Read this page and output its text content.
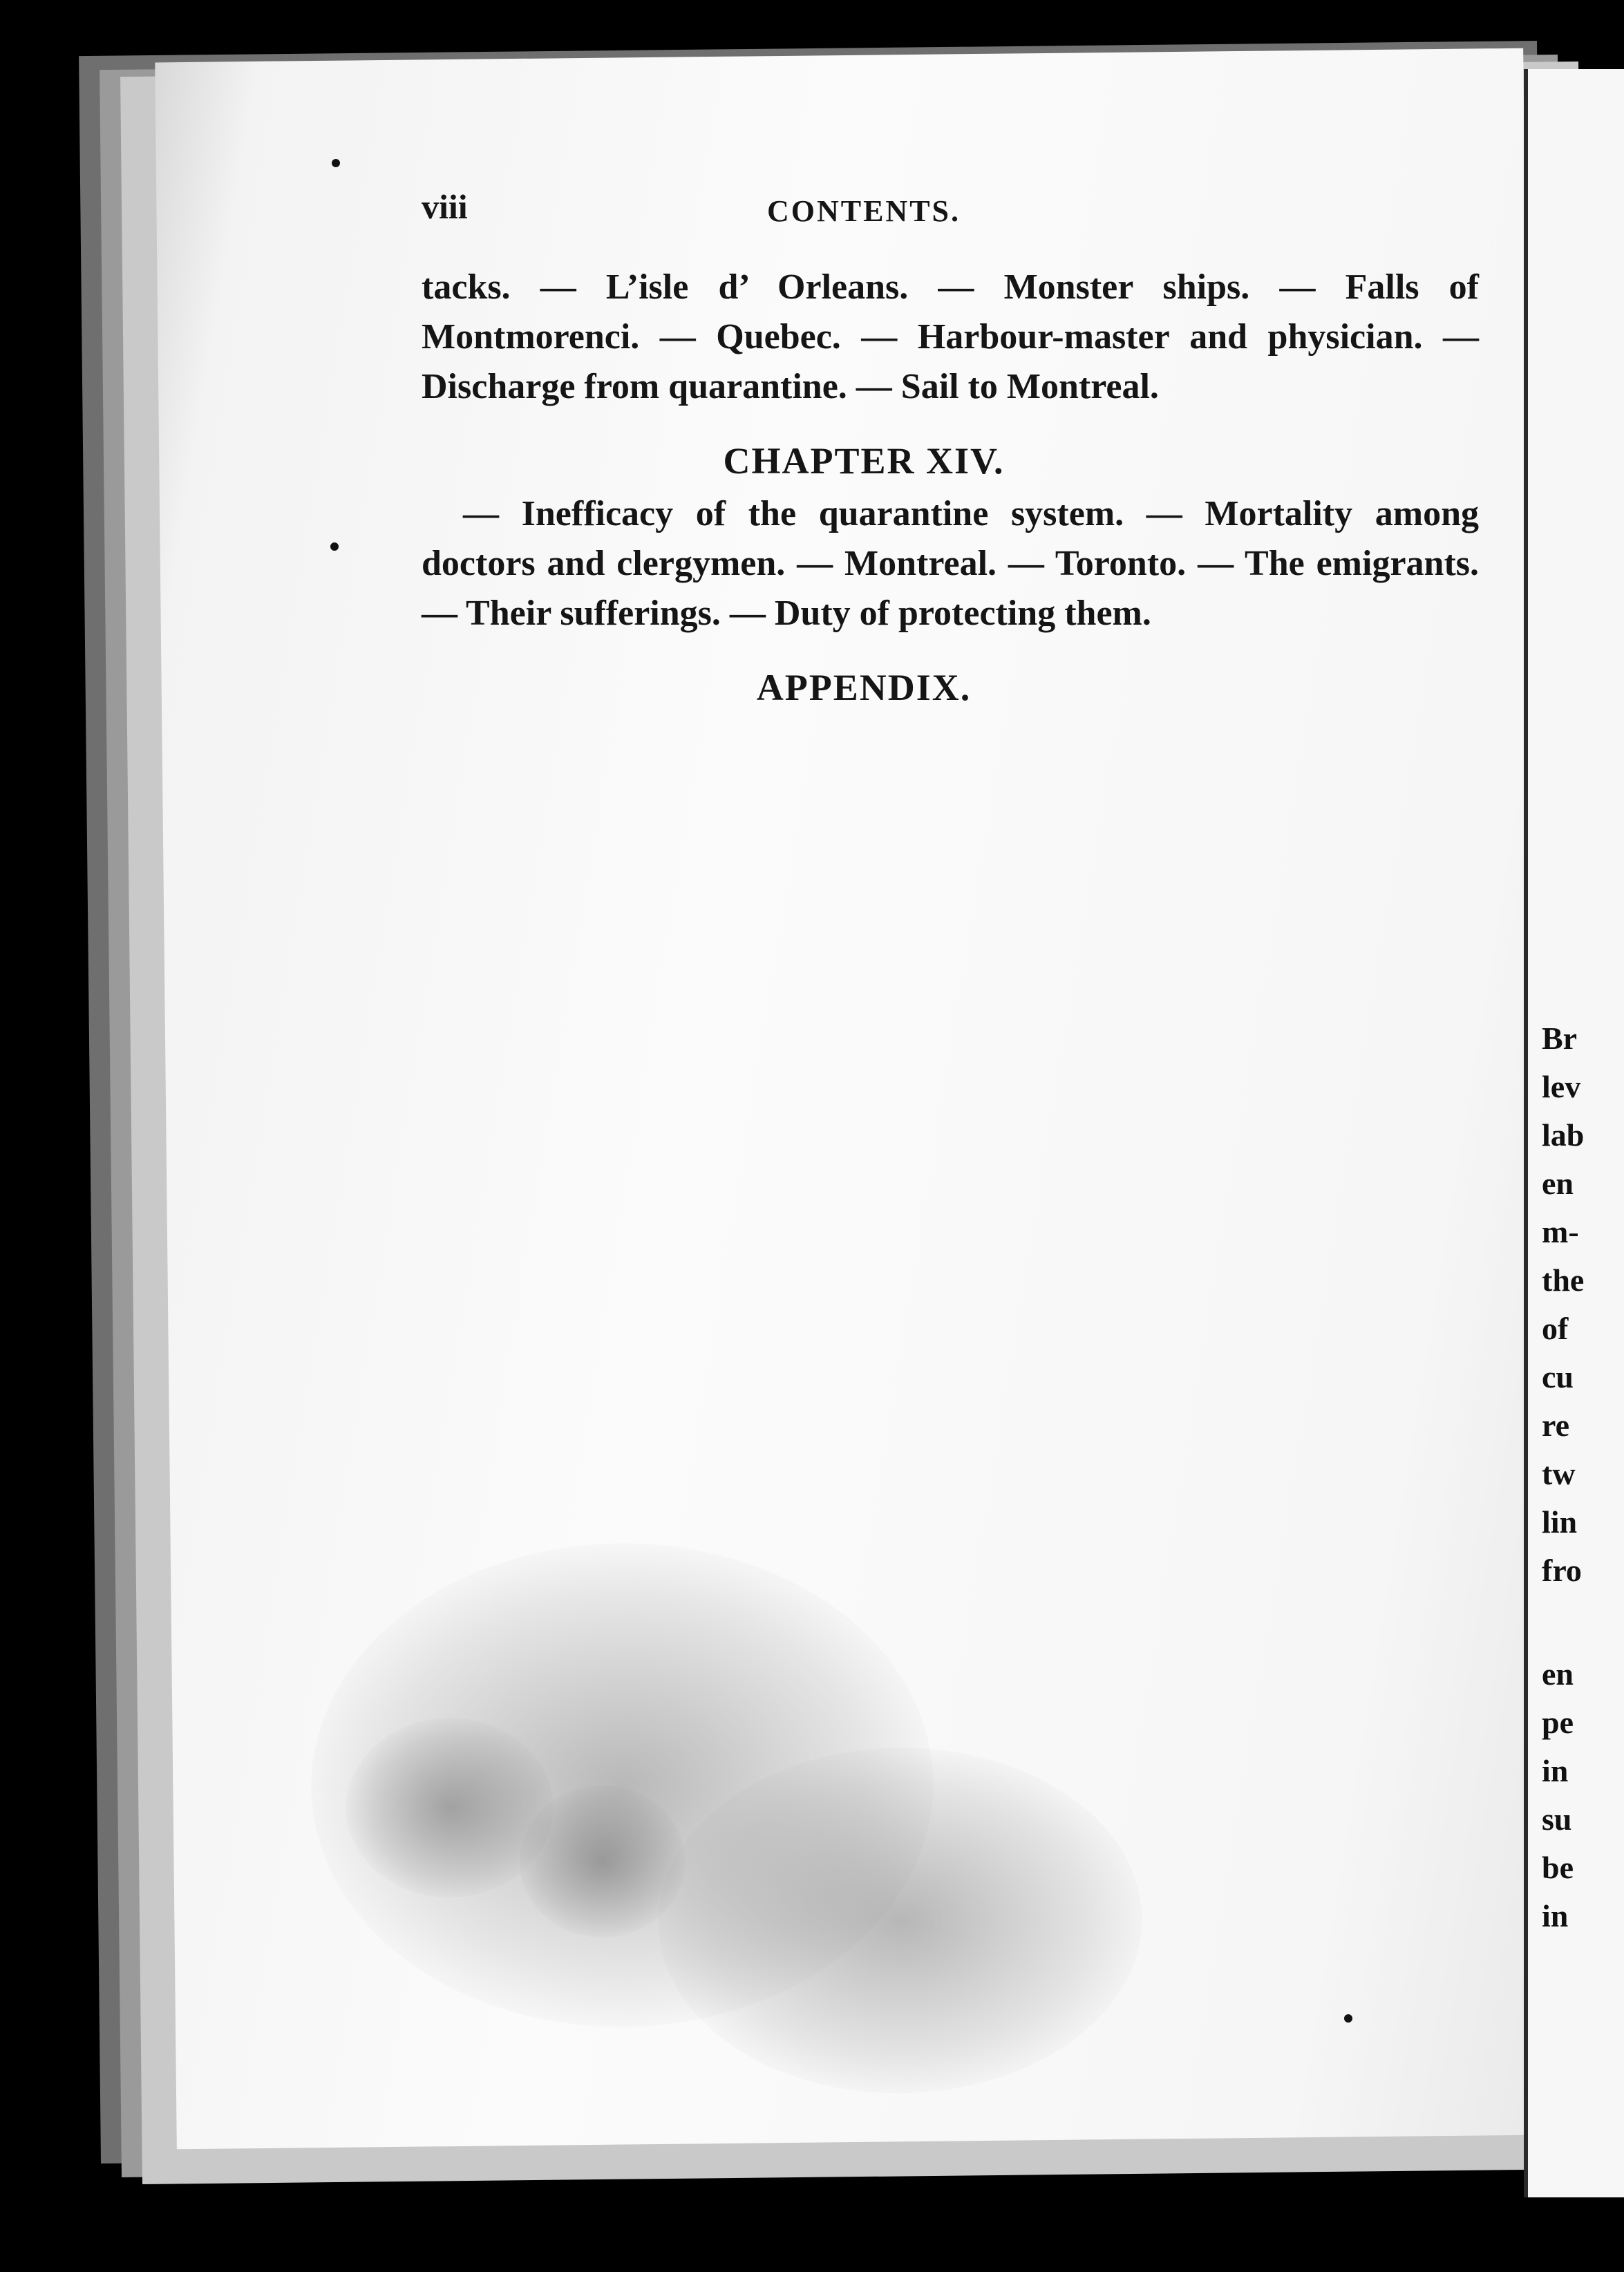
Br
lev
lab
en
m-
the
of
cu
re
tw
lin
fro
en
pe
in
su
be
in
viii	CONTENTS.

tacks. — L’isle d’ Orleans. — Monster ships. — Falls of Montmorenci. — Quebec. — Harbour-master and physician. — Discharge from quarantine. — Sail to Montreal.

CHAPTER XIV.

— Inefficacy of the quarantine system. — Mortality among doctors and clergymen. — Montreal. — Toronto. — The emigrants. — Their sufferings. — Duty of protecting them.

APPENDIX.
